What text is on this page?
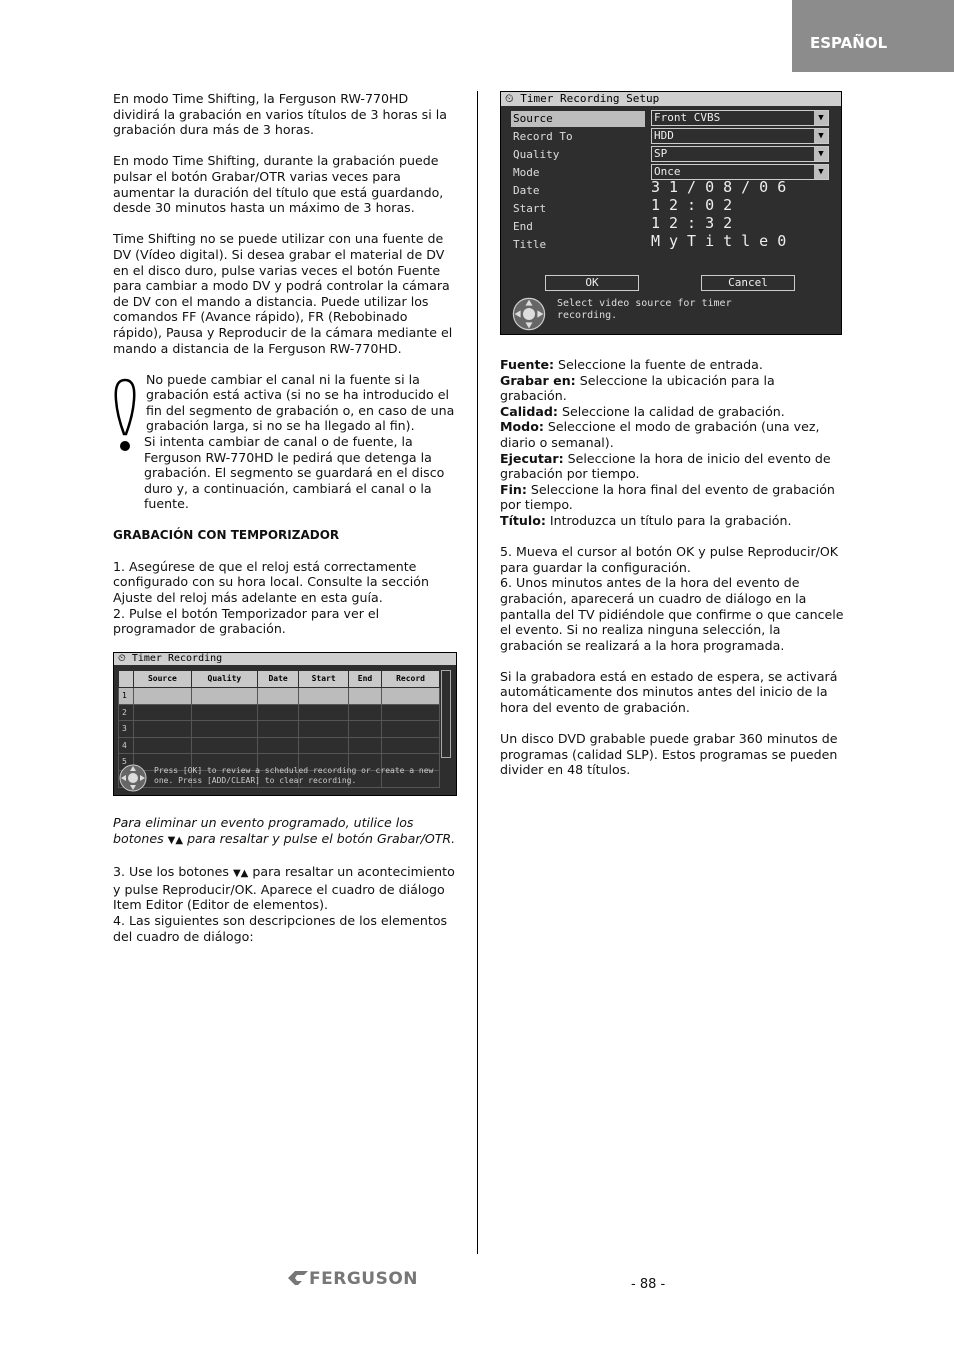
ESPAÑOL

En modo Time Shifting, la Ferguson RW-770HD dividirá la grabación en varios títulos de 3 horas si la grabación dura más de 3 horas.

En modo Time Shifting, durante la grabación puede pulsar el botón Grabar/OTR varias veces para aumentar la duración del título que está guardando, desde 30 minutos hasta un máximo de 3 horas.

Time Shifting no se puede utilizar con una fuente de DV (Vídeo digital). Si desea grabar el material de DV en el disco duro, pulse varias veces el botón Fuente para cambiar a modo DV y podrá controlar la cámara de DV con el mando a distancia. Puede utilizar los comandos FF (Avance rápido), FR (Rebobinado rápido), Pausa y Reproducir de la cámara mediante el mando a distancia de la Ferguson RW-770HD.

No puede cambiar el canal ni la fuente si la grabación está activa (si no se ha introducido el fin del segmento de grabación o, en caso de una grabación larga, si no se ha llegado al fin).
Si intenta cambiar de canal o de fuente, la Ferguson RW-770HD le pedirá que detenga la grabación. El segmento se guardará en el disco duro y, a continuación, cambiará el canal o la fuente.
GRABACIÓN CON TEMPORIZADOR

1. Asegúrese de que el reloj está correctamente configurado con su hora local. Consulte la sección Ajuste del reloj más adelante en esta guía.

2. Pulse el botón Temporizador para ver el programador de grabación.

⏲ Timer Recording
	Source	Quality	Date	Start	End	Record
1						
2						
3						
4						
5						

Press [OK] to review a scheduled recording or create a new one. Press [ADD/CLEAR] to clear recording.

Para eliminar un evento programado, utilice los botones ▼▲ para resaltar y pulse el botón Grabar/OTR.

3. Use los botones ▼▲ para resaltar un acontecimiento y pulse Reproducir/OK. Aparece el cuadro de diálogo Item Editor (Editor de elementos).

4. Las siguientes son descripciones de los elementos del cuadro de diálogo:

⏲ Timer Recording Setup
Source	Front CVBS	▼
Record To	HDD	▼
Quality	SP	▼
Mode	Once	▼
Date	31/08/06
Start	12:02
End	12:32
Title	MyTitle0
OK	Cancel
Select video source for timer recording.
Fuente: Seleccione la fuente de entrada.
Grabar en: Seleccione la ubicación para la grabación.
Calidad: Seleccione la calidad de grabación.
Modo: Seleccione el modo de grabación (una vez, diario o semanal).
Ejecutar: Seleccione la hora de inicio del evento de grabación por tiempo.
Fin: Seleccione la hora final del evento de grabación por tiempo.
Título: Introduzca un título para la grabación.

5. Mueva el cursor al botón OK y pulse Reproducir/OK para guardar la configuración.

6. Unos minutos antes de la hora del evento de grabación, aparecerá un cuadro de diálogo en la pantalla del TV pidiéndole que confirme o que cancele el evento. Si no realiza ninguna selección, la grabación se realizará a la hora programada.

Si la grabadora está en estado de espera, se activará automáticamente dos minutos antes del inicio de la hora del evento de grabación.

Un disco DVD grabable puede grabar 360 minutos de programas (calidad SLP). Estos programas se pueden divider en 48 títulos.

FERGUSON	- 88 -
